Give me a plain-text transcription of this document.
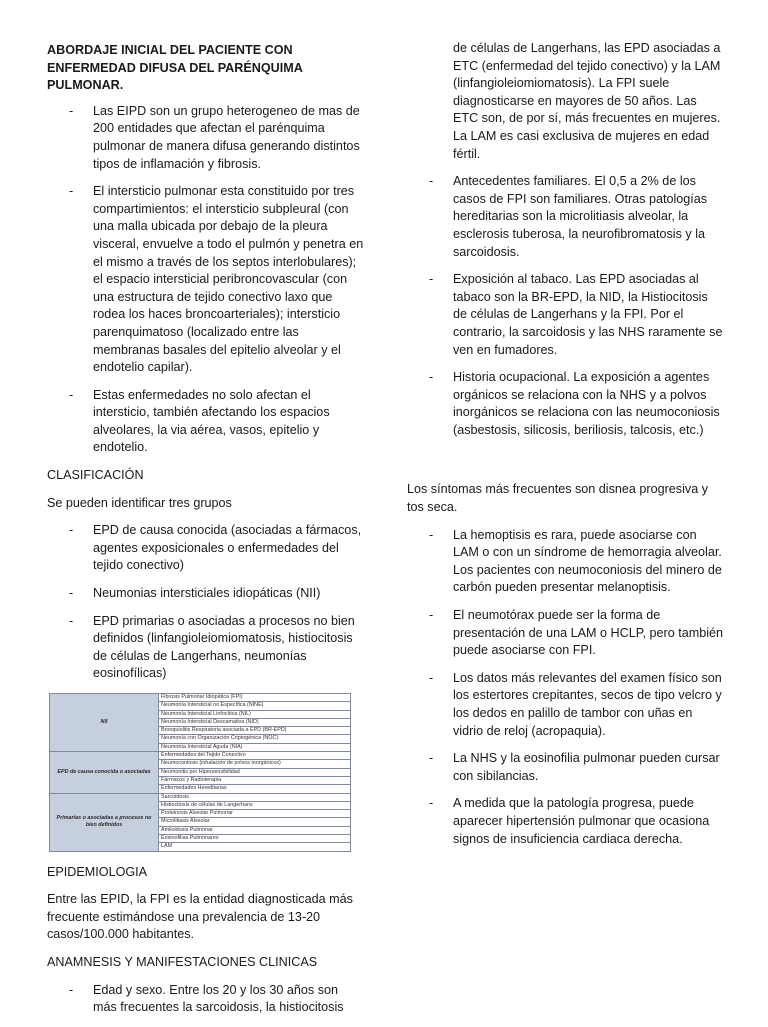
ABORDAJE INICIAL DEL PACIENTE CON ENFERMEDAD DIFUSA DEL PARÉNQUIMA PULMONAR.
- Las EIPD son un grupo heterogeneo de mas de 200 entidades que afectan el parénquima pulmonar de manera difusa generando distintos tipos de inflamación y fibrosis.
- El intersticio pulmonar esta constituido por tres compartimientos: el intersticio subpleural (con una malla ubicada por debajo de la pleura visceral, envuelve a todo el pulmón y penetra en el mismo a través de los septos interlobulares); el espacio intersticial peribroncovascular (con una estructura de tejido conectivo laxo que rodea los haces broncoarteriales); intersticio parenquimatoso (localizado entre las membranas basales del epitelio alveolar y el endotelio capilar).
- Estas enfermedades no solo afectan el intersticio, también afectando los espacios alveolares, la via aérea, vasos, epitelio y endotelio.

CLASIFICACIÓN

Se pueden identificar tres grupos

- EPD de causa conocida (asociadas a fármacos, agentes exposicionales o enfermedades del tejido conectivo)
- Neumonias intersticiales idiopáticas (NII)
- EPD primarias o asociadas a procesos no bien definidos (linfangioleiomiomatosis, histiocitosis de células de Langerhans, neumonías eosinofílicas)
NII	Fibrosis Pulmonar Idiopática (FPI)
	Neumonía Intersticial no Específica (NINE)
	Neumonía Intersticial Linfocítica (NIL)
	Neumonía Intersticial Descamativa (NID)
	Bronquiolitis Respiratoria asociada a EPD (BR-EPD)
	Neumonía con Organización Criptogénica (NOC)
	Neumonía Intersticial Aguda (NIA)
EPD de causa conocida o asociadas	Enfermedades del Tejido Conectivo
	Neumoconiosis (inhalación de polvos inorgánicos)
	Neumonitis por Hipersensibilidad
	Fármacos y Radioterapia
	Enfermedades Hereditarias
Primarias o asociadas a procesos no bien definidos	Sarcoidosis
	Histiocitosis de células de Langerhans
	Proteinosis Alveolar Pulmonar
	Microlitiasis Alveolar
	Amiloidosis Pulmonar
	Eosinofilias Pulmonares
	LAM

EPIDEMIOLOGIA

Entre las EPID, la FPI es la entidad diagnosticada más frecuente estimándose una prevalencia de 13-20 casos/100.000 habitantes.

ANAMNESIS Y MANIFESTACIONES CLINICAS

- Edad y sexo. Entre los 20 y los 30 años son más frecuentes la sarcoidosis, la histiocitosis

de células de Langerhans, las EPD asociadas a ETC (enfermedad del tejido conectivo) y la LAM (linfangioleiomiomatosis). La FPI suele diagnosticarse en mayores de 50 años. Las ETC son, de por sí, más frecuentes en mujeres. La LAM es casi exclusiva de mujeres en edad fértil.

- Antecedentes familiares. El 0,5 a 2% de los casos de FPI son familiares. Otras patologías hereditarias son la microlitiasis alveolar, la esclerosis tuberosa, la neurofibromatosis y la sarcoidosis.
- Exposición al tabaco. Las EPD asociadas al tabaco son la BR-EPD, la NID, la Histiocitosis de células de Langerhans y la FPI. Por el contrario, la sarcoidosis y las NHS raramente se ven en fumadores.
- Historia ocupacional. La exposición a agentes orgánicos se relaciona con la NHS y a polvos inorgánicos se relaciona con las neumoconiosis (asbestosis, silicosis, beriliosis, talcosis, etc.)

Los síntomas más frecuentes son disnea progresiva y tos seca.

- La hemoptisis es rara, puede asociarse con LAM o con un síndrome de hemorragia alveolar. Los pacientes con neumoconiosis del minero de carbón pueden presentar melanoptisis.
- El neumotórax puede ser la forma de presentación de una LAM o HCLP, pero también puede asociarse con FPI.
- Los datos más relevantes del examen físico son los estertores crepitantes, secos de tipo velcro y los dedos en palillo de tambor con uñas en vidrio de reloj (acropaquia).
- La NHS y la eosinofilia pulmonar pueden cursar con sibilancias.
- A medida que la patología progresa, puede aparecer hipertensión pulmonar que ocasiona signos de insuficiencia cardiaca derecha.
